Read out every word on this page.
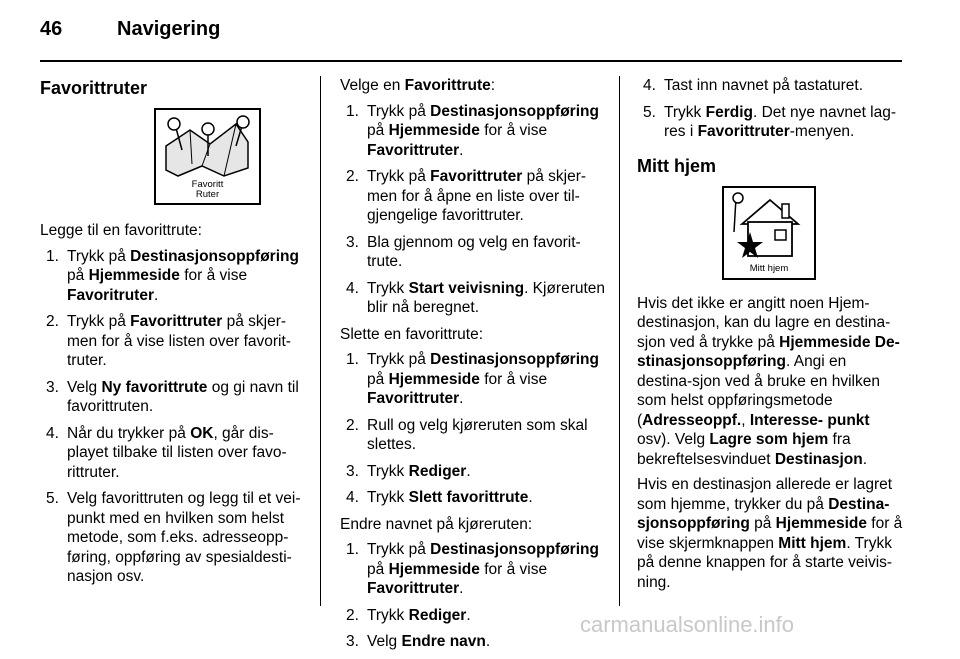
46	Navigering
Favorittruter
Favoritt
Ruter
Legge til en favorittrute:
1. Trykk på Destinasjonsoppføring på Hjemmeside for å vise Favoritruter.
2. Trykk på Favorittruter på skjer-men for å vise listen over favorit-truter.
3. Velg Ny favorittrute og gi navn til favorittruten.
4. Når du trykker på OK, går dis-playet tilbake til listen over favo-rittruter.
5. Velg favorittruten og legg til et vei-punkt med en hvilken som helst metode, som f.eks. adresseopp-føring, oppføring av spesialdesti-nasjon osv.
Velge en Favorittrute:
1. Trykk på Destinasjonsoppføring på Hjemmeside for å vise Favorittruter.
2. Trykk på Favorittruter på skjer-men for å åpne en liste over til-gjengelige favorittruter.
3. Bla gjennom og velg en favorit-trute.
4. Trykk Start veivisning. Kjøreruten blir nå beregnet.
Slette en favorittrute:
1. Trykk på Destinasjonsoppføring på Hjemmeside for å vise Favorittruter.
2. Rull og velg kjøreruten som skal slettes.
3. Trykk Rediger.
4. Trykk Slett favorittrute.
Endre navnet på kjøreruten:
1. Trykk på Destinasjonsoppføring på Hjemmeside for å vise Favorittruter.
2. Trykk Rediger.
3. Velg Endre navn.
4. Tast inn navnet på tastaturet.
5. Trykk Ferdig. Det nye navnet lag-res i Favorittruter-menyen.
Mitt hjem
Mitt hjem
Hvis det ikke er angitt noen Hjem-destinasjon, kan du lagre en destina-sjon ved å trykke på Hjemmeside De-stinasjonsoppføring. Angi en destina-sjon ved å bruke en hvilken som helst oppføringsmetode (Adresseoppf., Interesse- punkt osv). Velg Lagre som hjem fra bekreftelsesvinduet Destinasjon.
Hvis en destinasjon allerede er lagret som hjemme, trykker du på Destina-sjonsoppføring på Hjemmeside for å vise skjermknappen Mitt hjem. Trykk på denne knappen for å starte veivis-ning.
carmanualsonline.info
